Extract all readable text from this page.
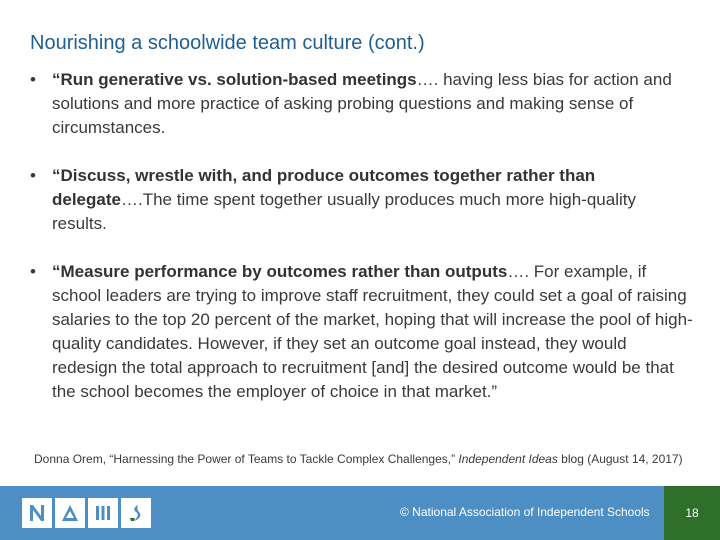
Nourishing a schoolwide team culture (cont.)
• “Run generative vs. solution-based meetings…. having less bias for action and solutions and more practice of asking probing questions and making sense of circumstances.
• “Discuss, wrestle with, and produce outcomes together rather than delegate….The time spent together usually produces much more high-quality results.
• “Measure performance by outcomes rather than outputs…. For example, if school leaders are trying to improve staff recruitment, they could set a goal of raising salaries to the top 20 percent of the market, hoping that will increase the pool of high-quality candidates. However, if they set an outcome goal instead, they would redesign the total approach to recruitment [and] the desired outcome would be that the school becomes the employer of choice in that market.”
Donna Orem, “Harnessing the Power of Teams to Tackle Complex Challenges,” Independent Ideas blog (August 14, 2017)
© National Association of Independent Schools	18
